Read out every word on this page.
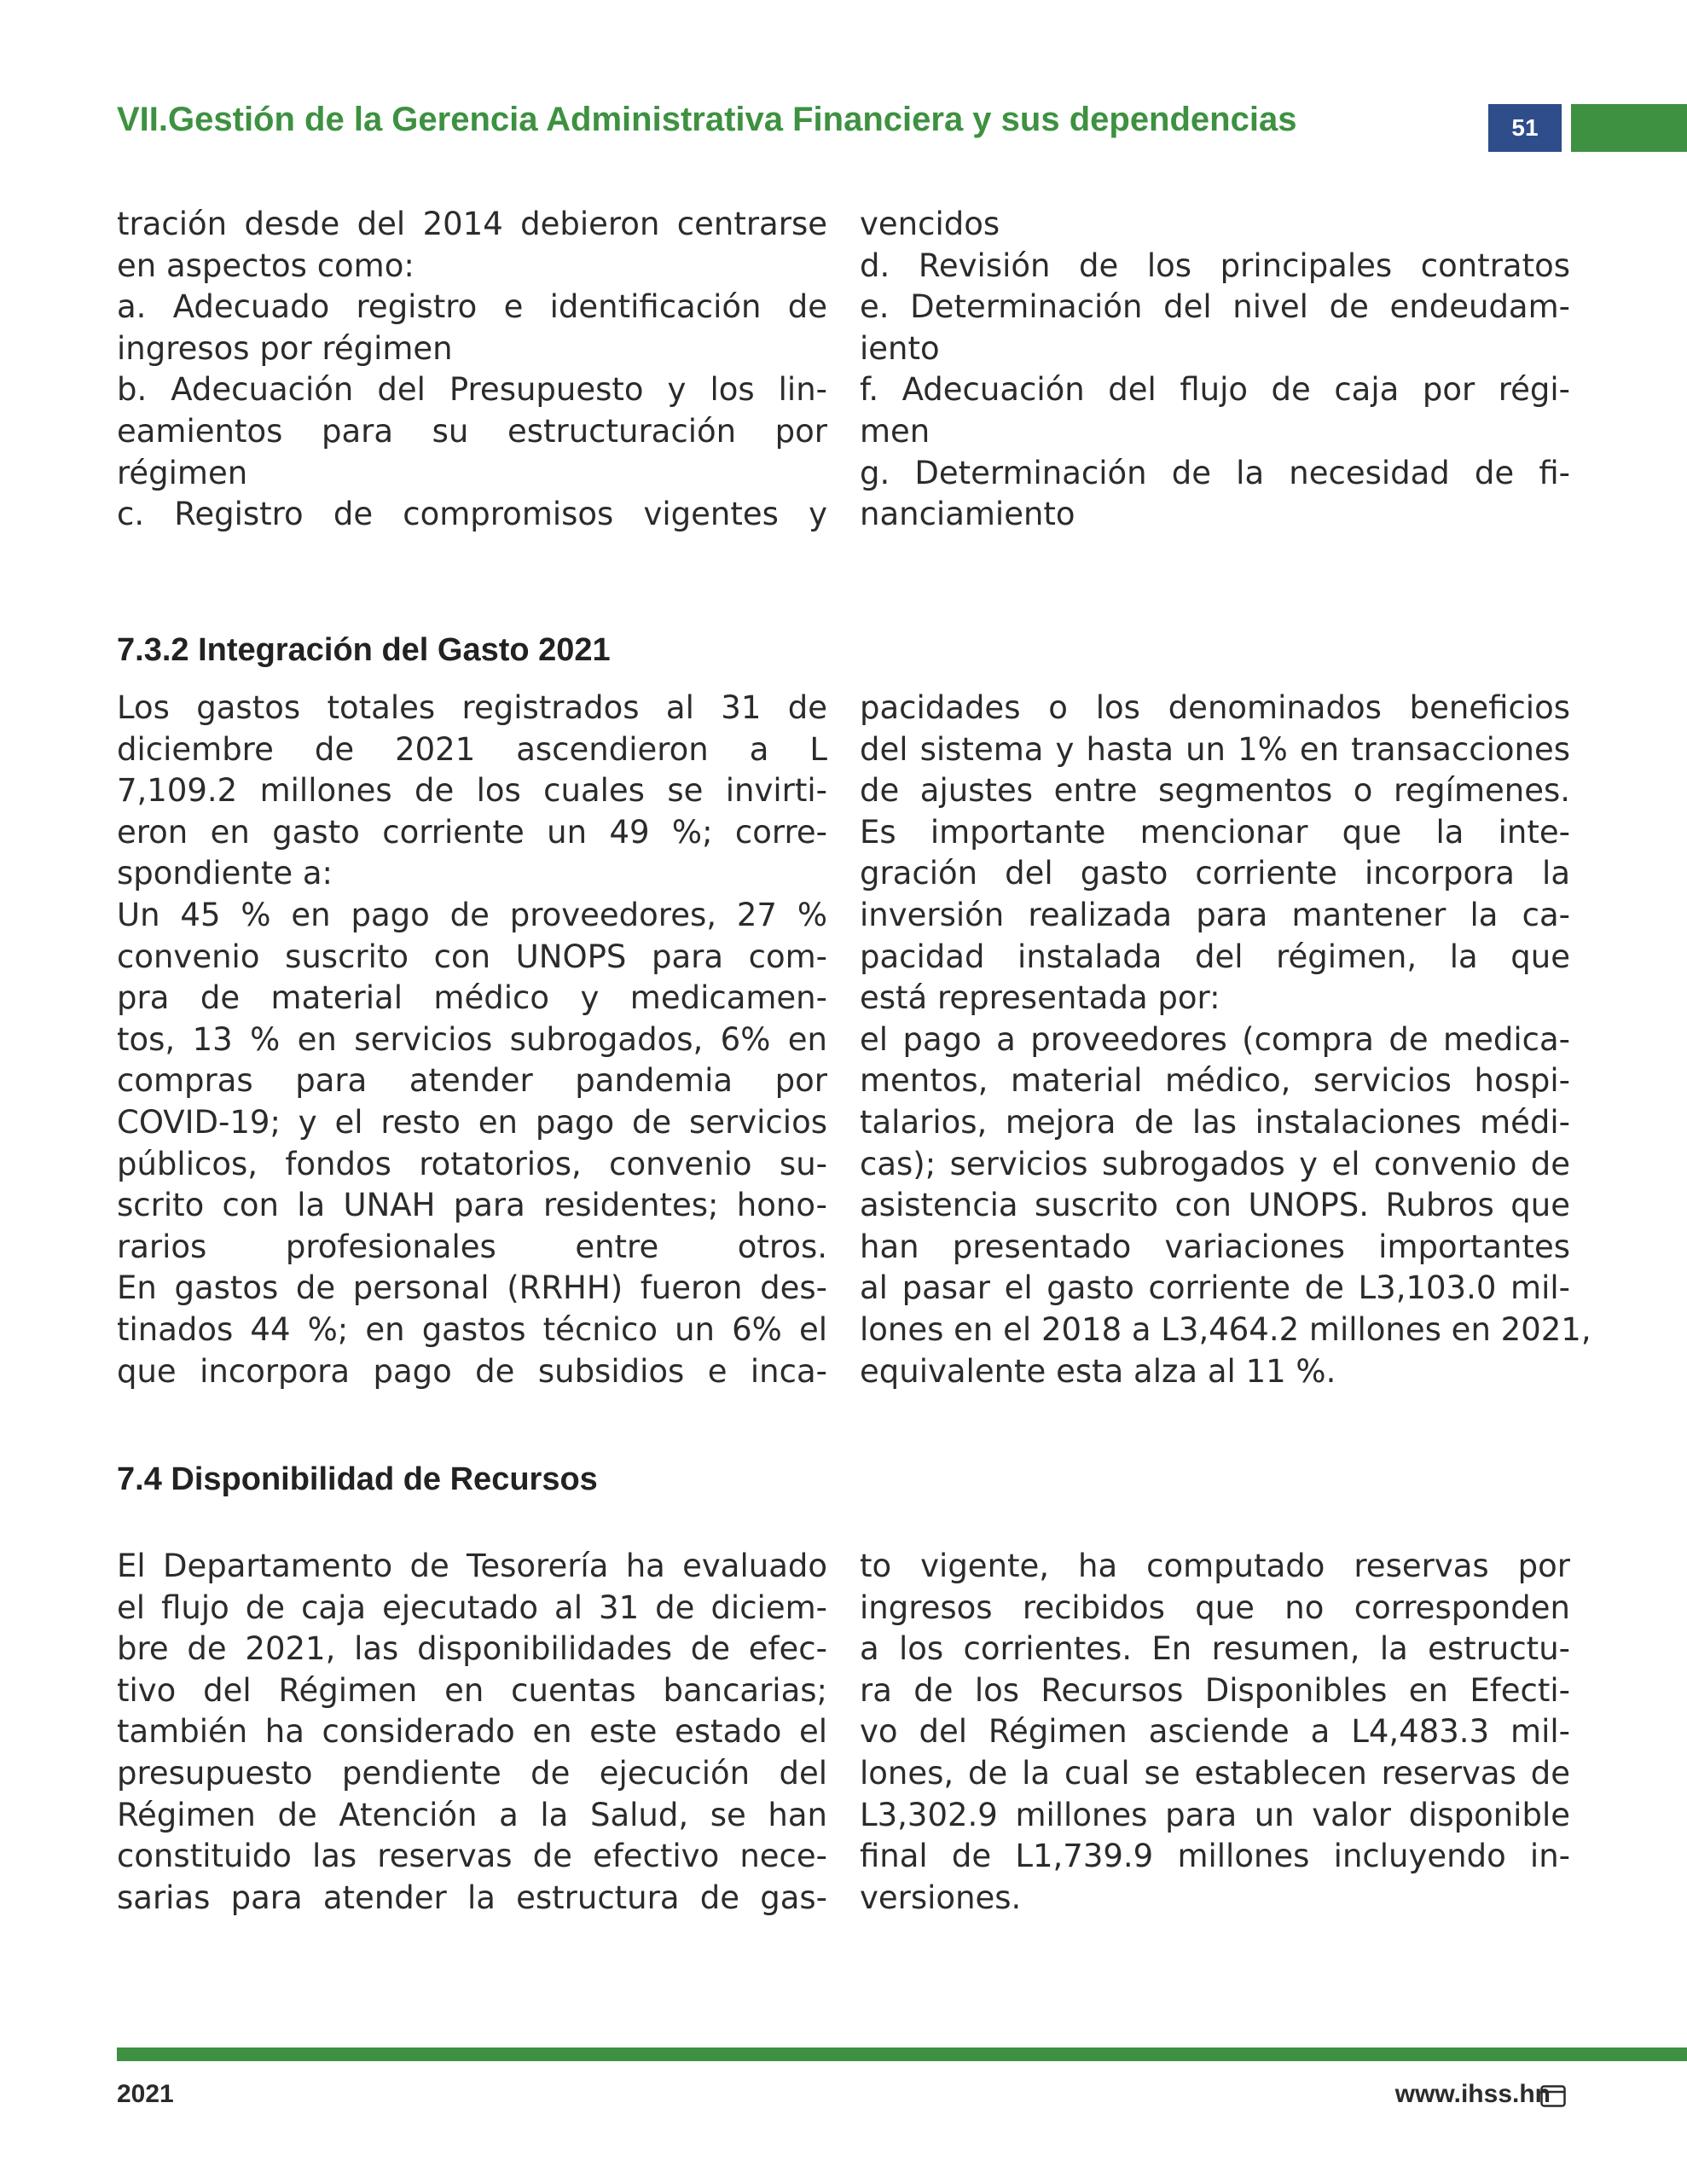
VII.Gestión de la Gerencia Administrativa Financiera y sus dependencias	51

tración desde del 2014 debieron centrarse

en aspectos como:

a. Adecuado registro e identificación de

ingresos por régimen

b. Adecuación del Presupuesto y los lin-

eamientos para su estructuración por

régimen

c. Registro de compromisos vigentes y

vencidos

d. Revisión de los principales contratos

e. Determinación del nivel de endeudam-

iento

f. Adecuación del flujo de caja por régi-

men

g. Determinación de la necesidad de fi-

nanciamiento

7.3.2 Integración del Gasto 2021

Los gastos totales registrados al 31 de

diciembre de 2021 ascendieron a L

7,109.2 millones de los cuales se invirti-

eron en gasto corriente un 49 %; corre-

spondiente a:

Un 45 % en pago de proveedores, 27 %

convenio suscrito con UNOPS para com-

pra de material médico y medicamen-

tos, 13 % en servicios subrogados, 6% en

compras para atender pandemia por

COVID-19; y el resto en pago de servicios

públicos, fondos rotatorios, convenio su-

scrito con la UNAH para residentes; hono-

rarios profesionales entre otros.

En gastos de personal (RRHH) fueron des-

tinados 44 %; en gastos técnico un 6% el

que incorpora pago de subsidios e inca-

pacidades o los denominados beneficios

del sistema y hasta un 1% en transacciones

de ajustes entre segmentos o regímenes.

Es importante mencionar que la inte-

gración del gasto corriente incorpora la

inversión realizada para mantener la ca-

pacidad instalada del régimen, la que

está representada por:

el pago a proveedores (compra de medica-

mentos, material médico, servicios hospi-

talarios, mejora de las instalaciones médi-

cas); servicios subrogados y el convenio de

asistencia suscrito con UNOPS. Rubros que

han presentado variaciones importantes

al pasar el gasto corriente de L3,103.0 mil-

lones en el 2018 a L3,464.2 millones en 2021,

equivalente esta alza al 11 %.

7.4 Disponibilidad de Recursos

El Departamento de Tesorería ha evaluado

el flujo de caja ejecutado al 31 de diciem-

bre de 2021, las disponibilidades de efec-

tivo del Régimen en cuentas bancarias;

también ha considerado en este estado el

presupuesto pendiente de ejecución del

Régimen de Atención a la Salud, se han

constituido las reservas de efectivo nece-

sarias para atender la estructura de gas-

to vigente, ha computado reservas por

ingresos recibidos que no corresponden

a los corrientes. En resumen, la estructu-

ra de los Recursos Disponibles en Efecti-

vo del Régimen asciende a L4,483.3 mil-

lones, de la cual se establecen reservas de

L3,302.9 millones para un valor disponible

final de L1,739.9 millones incluyendo in-

versiones.

2021	www.ihss.hn
